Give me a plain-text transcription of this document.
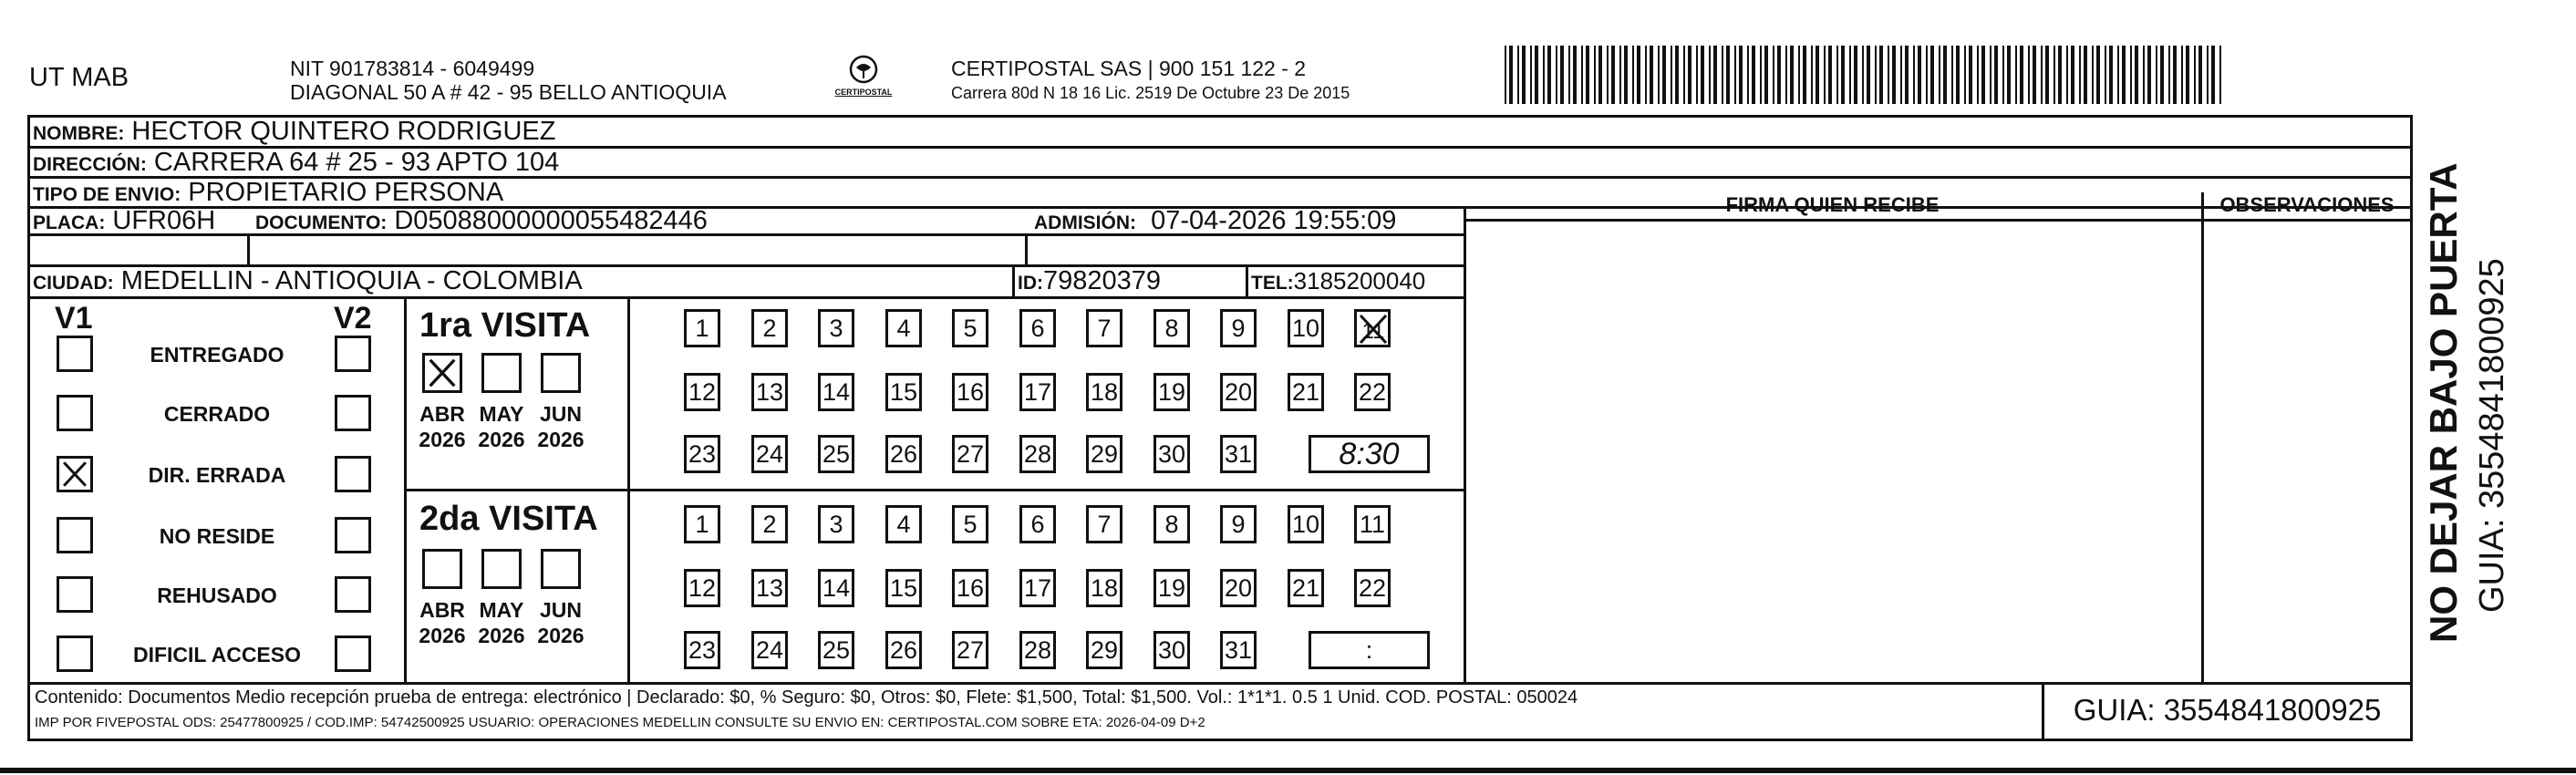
UT MAB	NIT 901783814 - 6049499
DIAGONAL 50 A # 42 - 95 BELLO ANTIOQUIA	CERTIPOSTAL
CERTIPOSTAL SAS | 900 151 122 - 2
Carrera 80d N 18 16 Lic. 2519 De Octubre 23 De 2015
NOMBRE: HECTOR QUINTERO RODRIGUEZ
DIRECCIÓN: CARRERA 64 # 25 - 93 APTO 104
TIPO DE ENVIO: PROPIETARIO PERSONA
PLACA: UFR06H DOCUMENTO: D05088000000055482446	ADMISIÓN: 07-04-2026 19:55:09
CIUDAD: MEDELLIN - ANTIOQUIA - COLOMBIA	ID:79820379	TEL:3185200040
FIRMA QUIEN RECIBE	OBSERVACIONES
V1	V2
ENTREGADO
CERRADO
DIR. ERRADA
NO RESIDE
REHUSADO
DIFICIL ACCESO
1ra VISITA
2da VISITA
ABR
2026
MAY
2026
JUN
2026
1	2	3	4	5	6	7	8	9	10 11
12 13 14 15 16 17 18 19 20 21 22
23 24 25 26 27 28 29 30 31	8:30
ABR
2026
MAY
2026
JUN
2026
1	2	3	4	5	6	7	8	9	10 11
12 13 14 15 16 17 18 19 20 21 22
23 24 25 26 27 28 29 30 31	:
Contenido: Documentos Medio recepción prueba de entrega: electrónico | Declarado: $0, % Seguro: $0, Otros: $0, Flete: $1,500, Total: $1,500. Vol.: 1*1*1. 0.5 1 Unid. COD. POSTAL: 050024
IMP POR FIVEPOSTAL ODS: 25477800925 / COD.IMP: 54742500925 USUARIO: OPERACIONES MEDELLIN CONSULTE SU ENVIO EN: CERTIPOSTAL.COM SOBRE ETA: 2026-04-09 D+2	GUIA: 3554841800925
NO DEJAR BAJO PUERTA GUIA: 3554841800925
